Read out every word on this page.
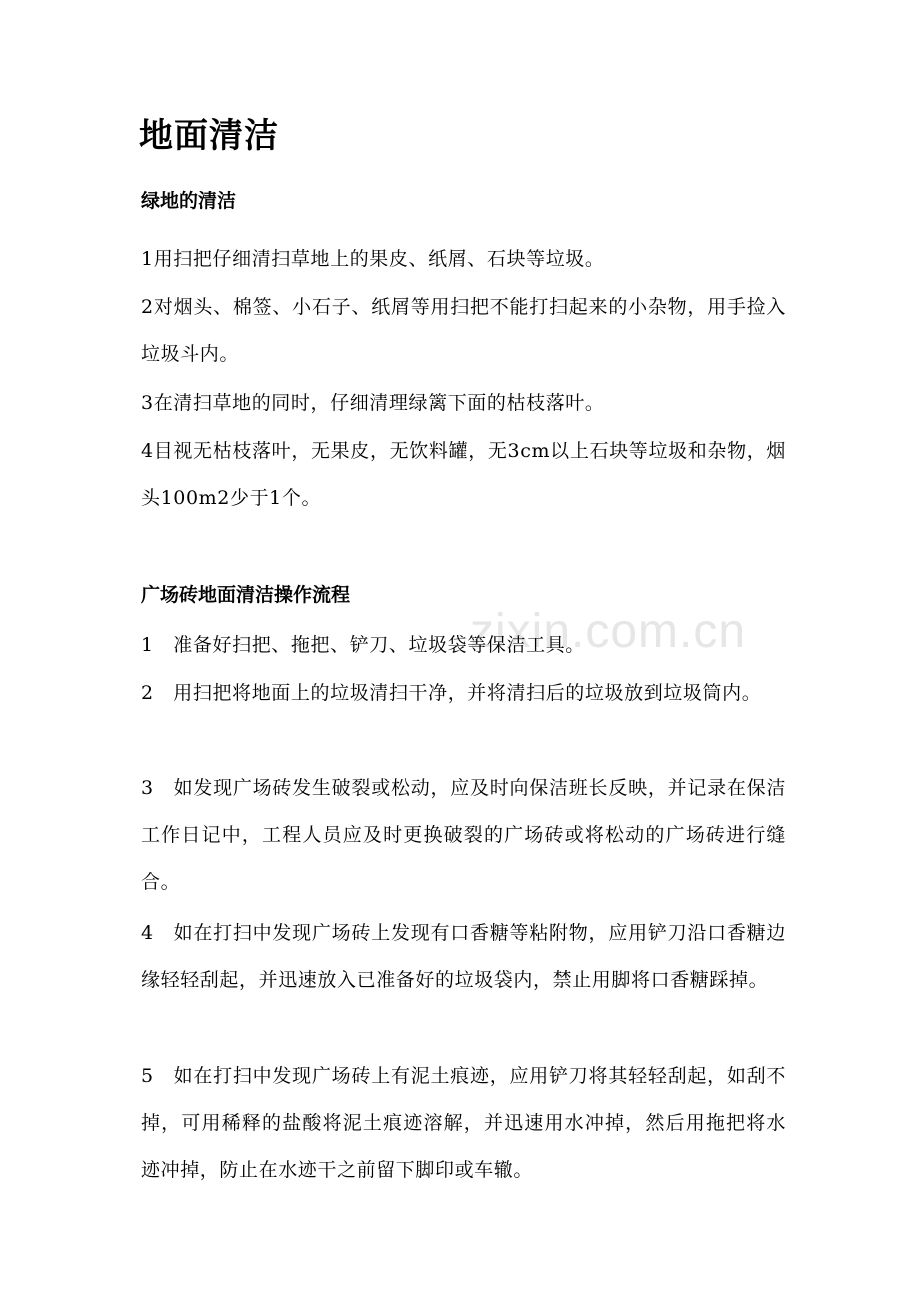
zixin.com.cn
地面清洁
绿地的清洁

1用扫把仔细清扫草地上的果皮、纸屑、石块等垃圾。

2对烟头、棉签、小石子、纸屑等用扫把不能打扫起来的小杂物，用手捡入垃圾斗内。

3在清扫草地的同时，仔细清理绿篱下面的枯枝落叶。

4目视无枯枝落叶，无果皮，无饮料罐，无3cm以上石块等垃圾和杂物，烟头100m2少于1个。

广场砖地面清洁操作流程

1　准备好扫把、拖把、铲刀、垃圾袋等保洁工具。

2　用扫把将地面上的垃圾清扫干净，并将清扫后的垃圾放到垃圾筒内。

3　如发现广场砖发生破裂或松动，应及时向保洁班长反映，并记录在保洁工作日记中，工程人员应及时更换破裂的广场砖或将松动的广场砖进行缝合。

4　如在打扫中发现广场砖上发现有口香糖等粘附物，应用铲刀沿口香糖边缘轻轻刮起，并迅速放入已准备好的垃圾袋内，禁止用脚将口香糖踩掉。

5　如在打扫中发现广场砖上有泥土痕迹，应用铲刀将其轻轻刮起，如刮不掉，可用稀释的盐酸将泥土痕迹溶解，并迅速用水冲掉，然后用拖把将水迹冲掉，防止在水迹干之前留下脚印或车辙。
